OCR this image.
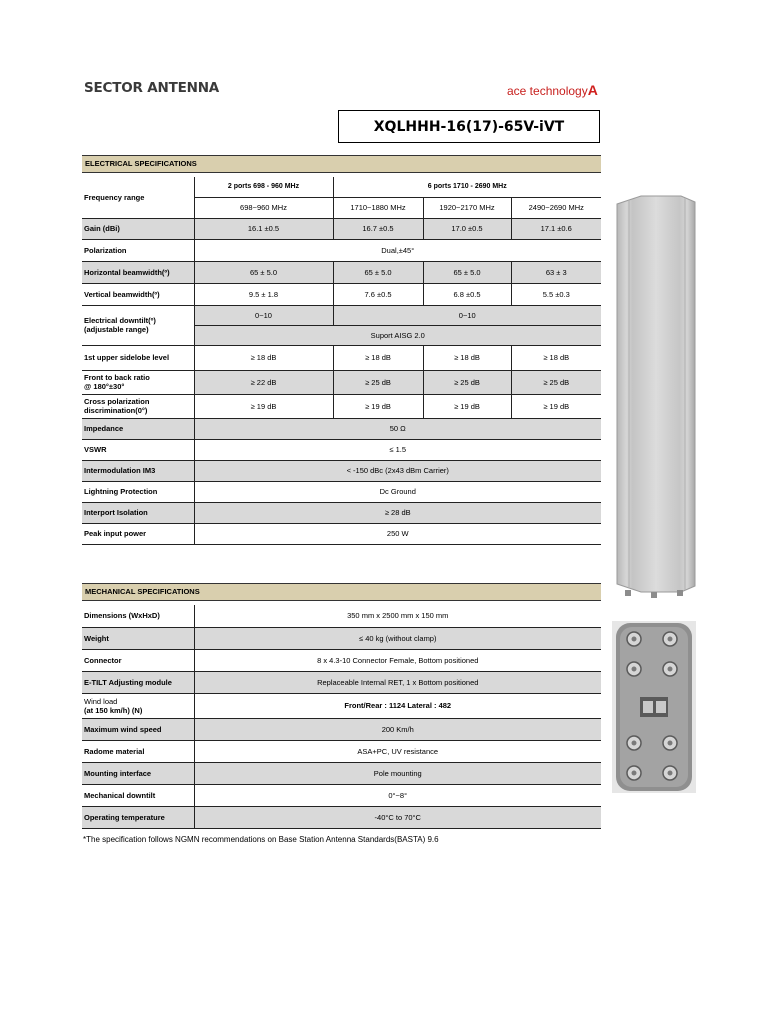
SECTOR ANTENNA	ace technologyA
XQLHHH-16(17)-65V-iVT
ELECTRICAL SPECIFICATIONS
Frequency range	2 ports 698 - 960 MHz	6 ports 1710 - 2690 MHz		
	698~960 MHz	1710~1880 MHz	1920~2170 MHz	2490~2690 MHz
Gain (dBi)	16.1 ±0.5	16.7 ±0.5	17.0 ±0.5	17.1 ±0.6
Polarization	Dual,±45°			
Horizontal beamwidth(º)	65 ± 5.0	65 ± 5.0	65 ± 5.0	63 ± 3
Vertical beamwidth(º)	9.5 ± 1.8	7.6 ±0.5	6.8 ±0.5	5.5 ±0.3
Electrical downtilt(º)
(adjustable range)	0~10	0~10		
	Suport AISG 2.0			
1st upper sidelobe level	≥ 18 dB	≥ 18 dB	≥ 18 dB	≥ 18 dB
Front to back ratio
@ 180°±30°	≥ 22 dB	≥ 25 dB	≥ 25 dB	≥ 25 dB
Cross polarization
discrimination(0°)	≥ 19 dB	≥ 19 dB	≥ 19 dB	≥ 19 dB
Impedance	50 Ω			
VSWR	≤ 1.5			
Intermodulation IM3	< -150 dBc (2x43 dBm Carrier)			
Lightning Protection	Dc Ground			
Interport Isolation	≥ 28 dB			
Peak input power	250 W			
MECHANICAL SPECIFICATIONS
Dimensions (WxHxD)	350 mm x 2500 mm x 150 mm
Weight	≤ 40 kg (without clamp)
Connector	8 x 4.3-10 Connector Female, Bottom positioned
E-TILT Adjusting module	Replaceable Internal RET, 1 x Bottom positioned
Wind load
(at 150 km/h) (N)	Front/Rear : 1124 Lateral : 482
Maximum wind speed	200 Km/h
Radome material	ASA+PC, UV resistance
Mounting interface	Pole mounting
Mechanical downtilt	0°~8°
Operating temperature	-40°C to 70°C
*The specification follows NGMN recommendations on Base Station Antenna Standards(BASTA) 9.6
